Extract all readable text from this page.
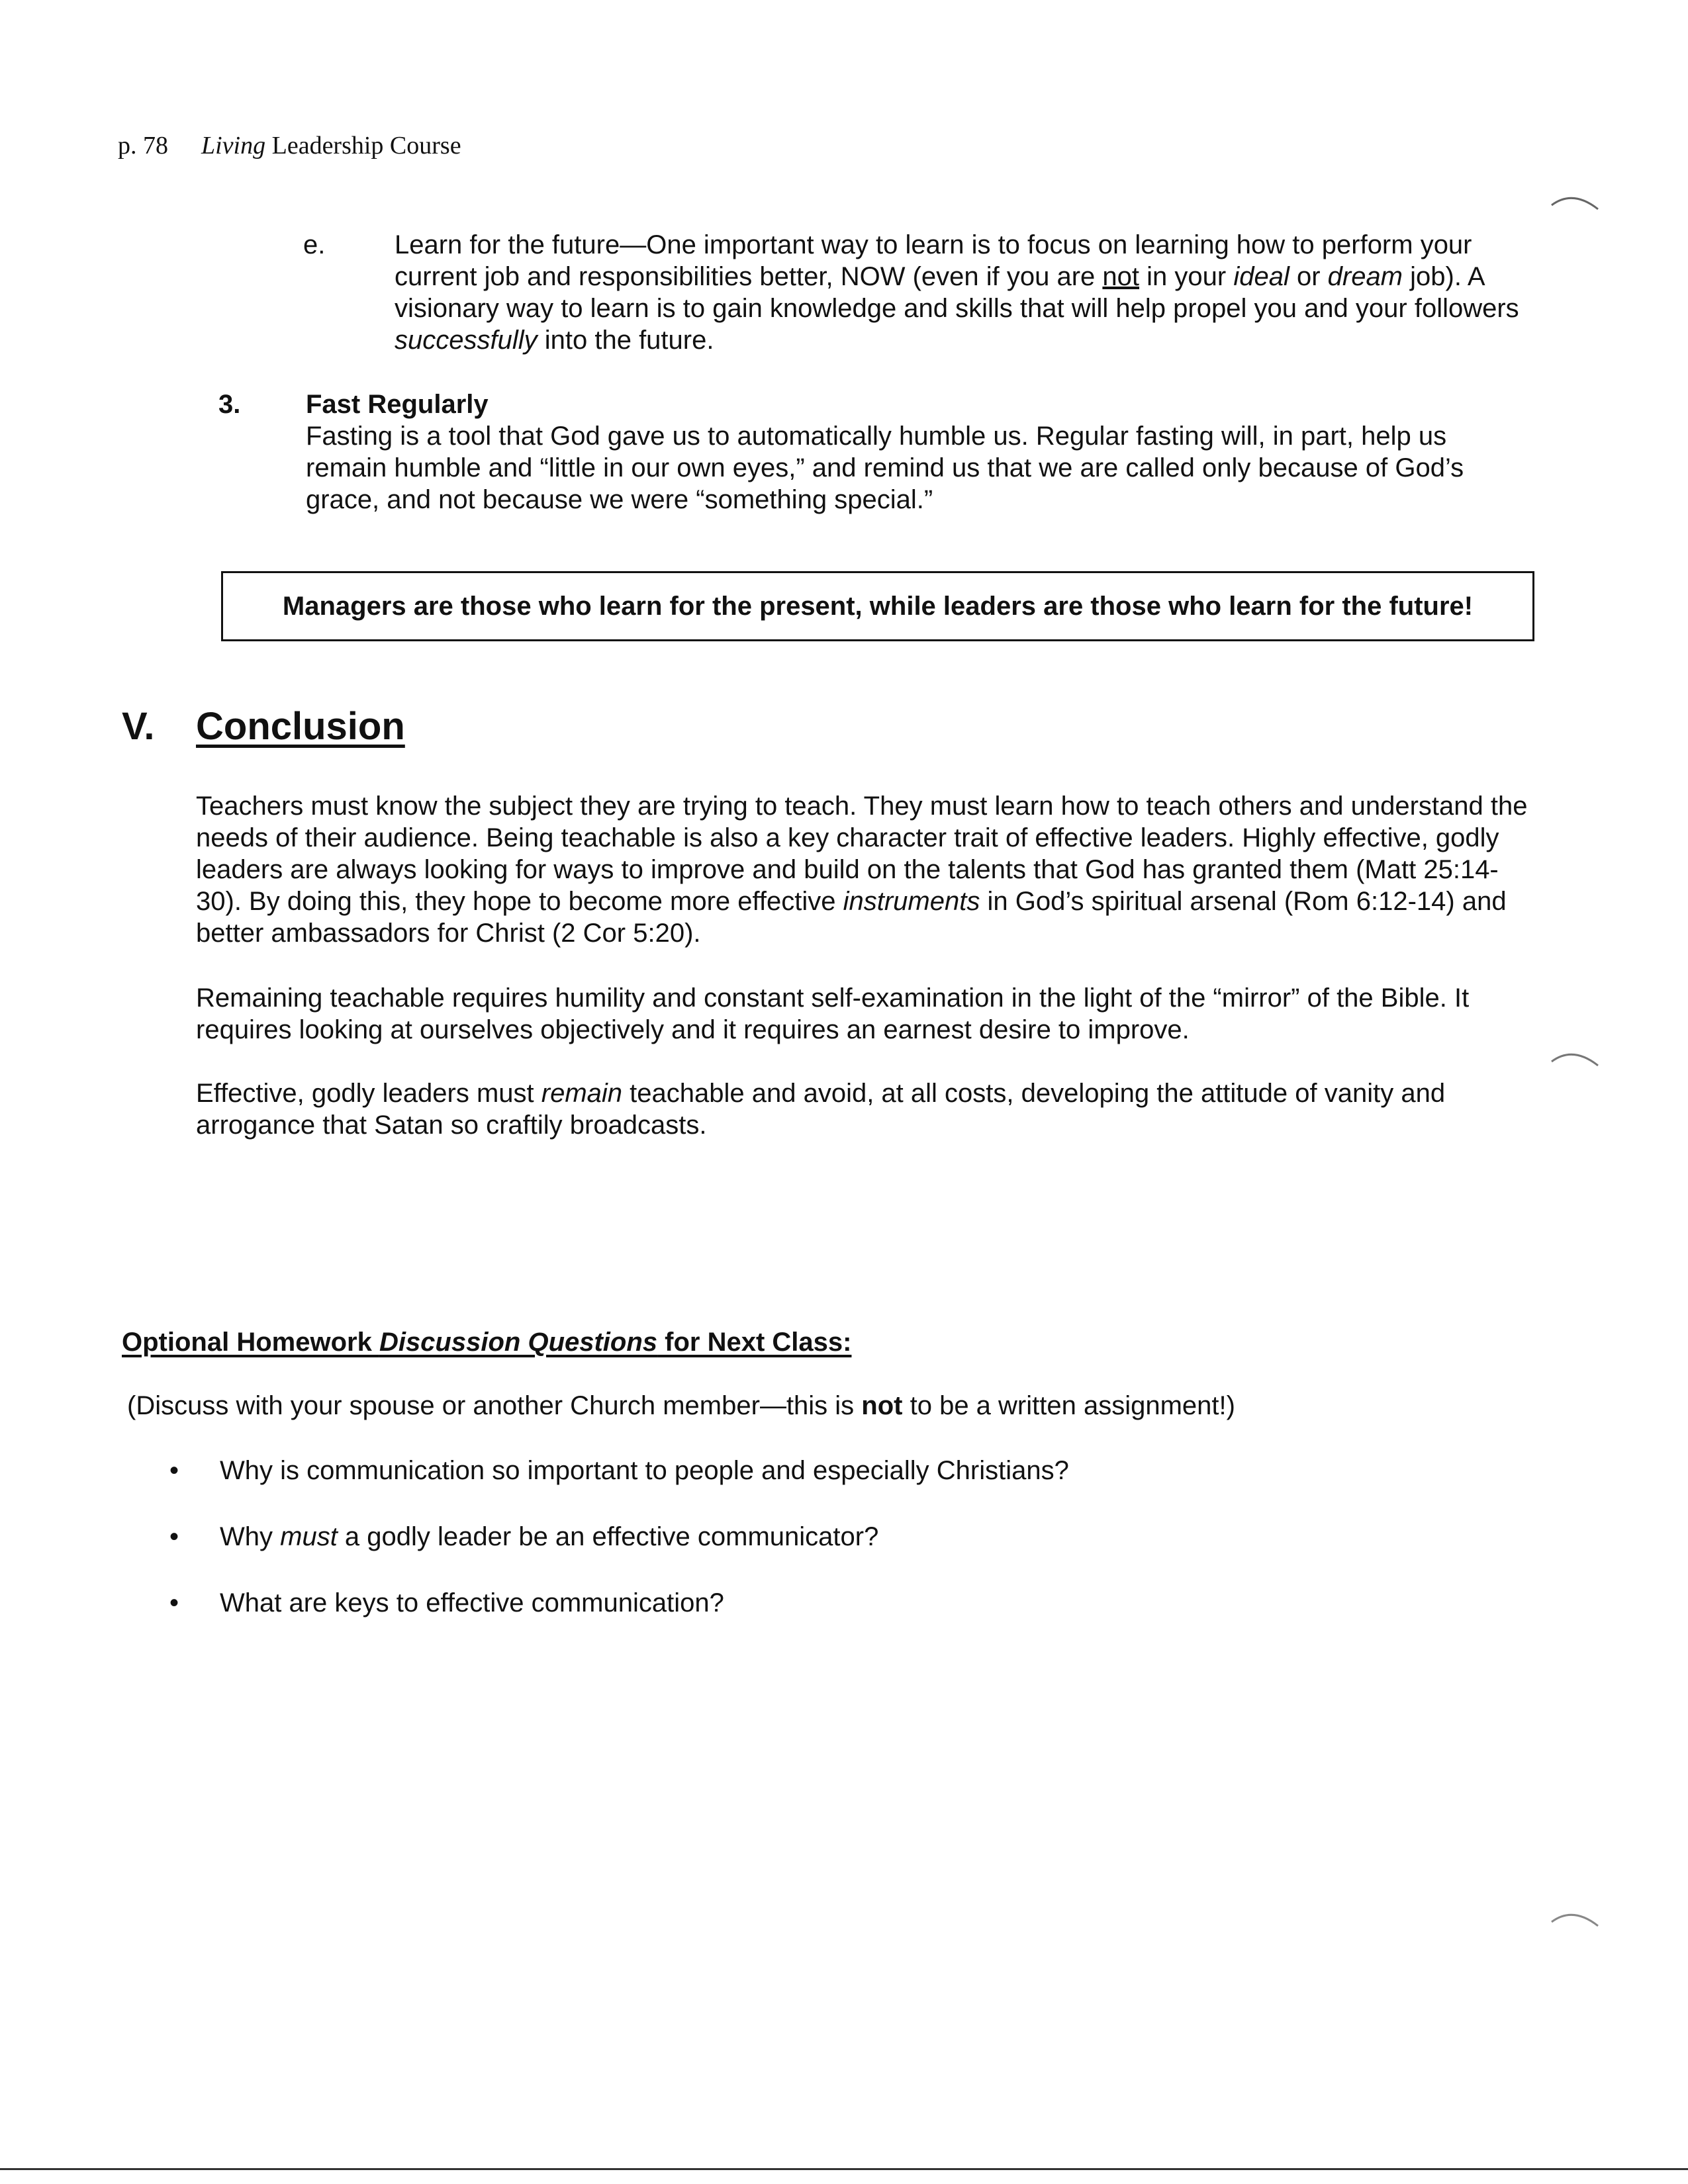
p. 78 Living Leadership Course
e.	Learn for the future—One important way to learn is to focus on learning how to perform your current job and responsibilities better, NOW (even if you are not in your ideal or dream job). A visionary way to learn is to gain knowledge and skills that will help propel you and your followers successfully into the future.

3. Fast Regularly

Fasting is a tool that God gave us to automatically humble us. Regular fasting will, in part, help us remain humble and “little in our own eyes,” and remind us that we are called only because of God’s grace, and not because we were “something special.”

Managers are those who learn for the present, while leaders are those who learn for the future!
V. Conclusion

Teachers must know the subject they are trying to teach. They must learn how to teach others and understand the needs of their audience. Being teachable is also a key character trait of effective leaders. Highly effective, godly leaders are always looking for ways to improve and build on the talents that God has granted them (Matt 25:14-30). By doing this, they hope to become more effective instruments in God’s spiritual arsenal (Rom 6:12-14) and better ambassadors for Christ (2 Cor 5:20).

Remaining teachable requires humility and constant self-examination in the light of the “mirror” of the Bible. It requires looking at ourselves objectively and it requires an earnest desire to improve.

Effective, godly leaders must remain teachable and avoid, at all costs, developing the attitude of vanity and arrogance that Satan so craftily broadcasts.

Optional Homework Discussion Questions for Next Class:

(Discuss with your spouse or another Church member—this is not to be a written assignment!)

• Why is communication so important to people and especially Christians?
• Why must a godly leader be an effective communicator?
• What are keys to effective communication?
